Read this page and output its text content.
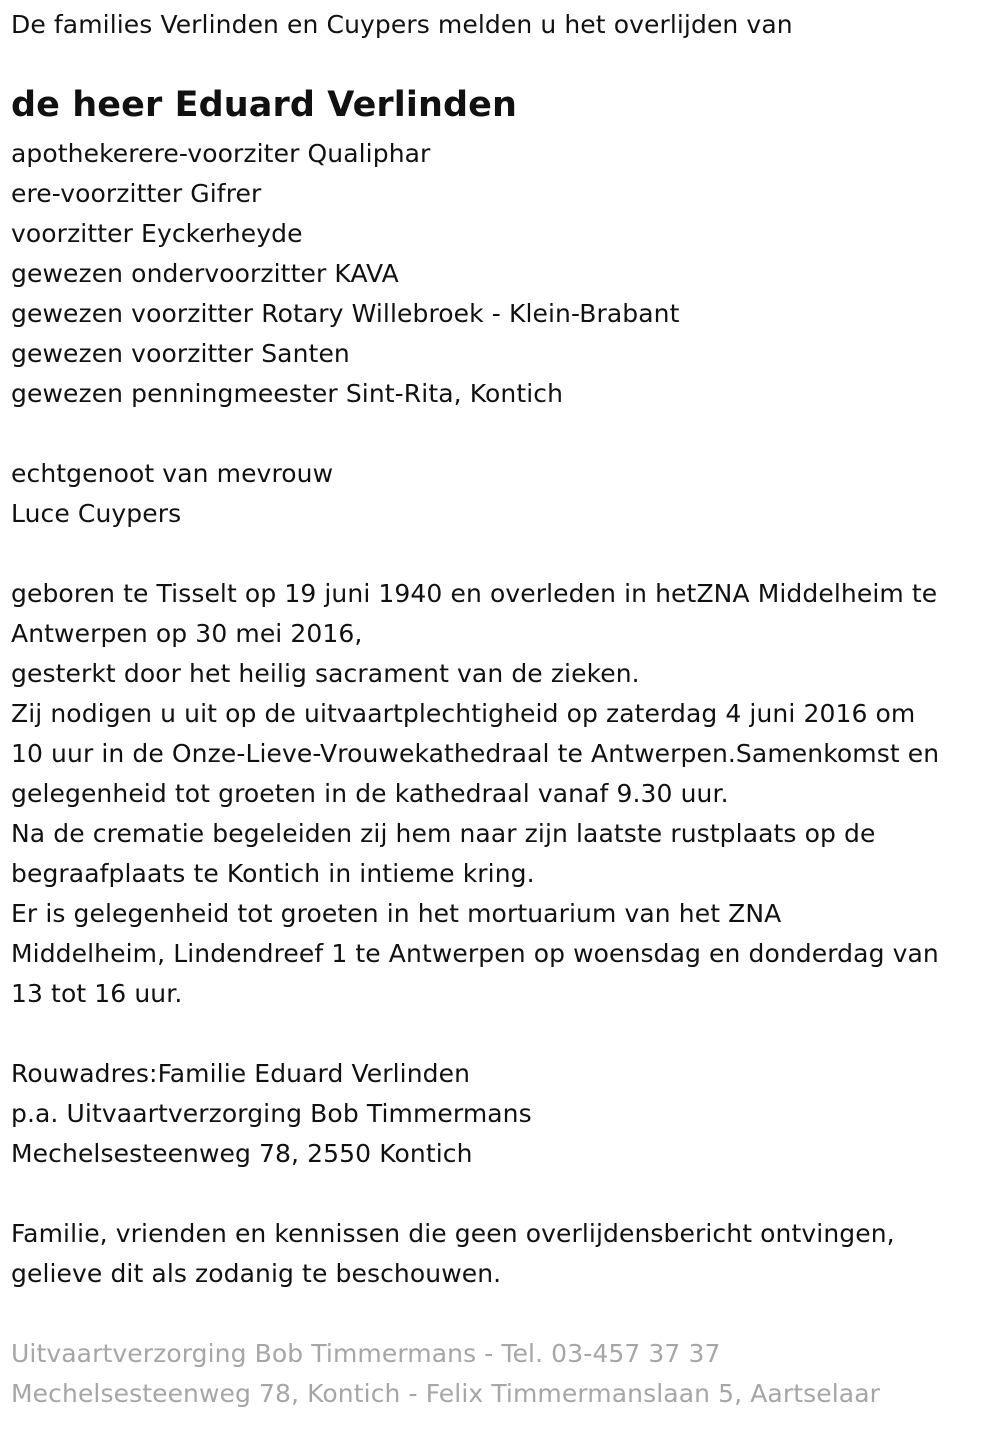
De families Verlinden en Cuypers melden u het overlijden van
de heer Eduard Verlinden
apothekerere-voorziter Qualiphar
ere-voorzitter Gifrer
voorzitter Eyckerheyde
gewezen ondervoorzitter KAVA
gewezen voorzitter Rotary Willebroek - Klein-Brabant
gewezen voorzitter Santen
gewezen penningmeester Sint-Rita, Kontich
echtgenoot van mevrouw
Luce Cuypers
geboren te Tisselt op 19 juni 1940 en overleden in hetZNA Middelheim te
Antwerpen op 30 mei 2016,
gesterkt door het heilig sacrament van de zieken.
Zij nodigen u uit op de uitvaartplechtigheid op zaterdag 4 juni 2016 om
10 uur in de Onze-Lieve-Vrouwekathedraal te Antwerpen.Samenkomst en
gelegenheid tot groeten in de kathedraal vanaf 9.30 uur.
Na de crematie begeleiden zij hem naar zijn laatste rustplaats op de
begraafplaats te Kontich in intieme kring.
Er is gelegenheid tot groeten in het mortuarium van het ZNA
Middelheim, Lindendreef 1 te Antwerpen op woensdag en donderdag van
13 tot 16 uur.
Rouwadres:Familie Eduard Verlinden
p.a. Uitvaartverzorging Bob Timmermans
Mechelsesteenweg 78, 2550 Kontich
Familie, vrienden en kennissen die geen overlijdensbericht ontvingen,
gelieve dit als zodanig te beschouwen.
Uitvaartverzorging Bob Timmermans - Tel. 03-457 37 37
Mechelsesteenweg 78, Kontich - Felix Timmermanslaan 5, Aartselaar
